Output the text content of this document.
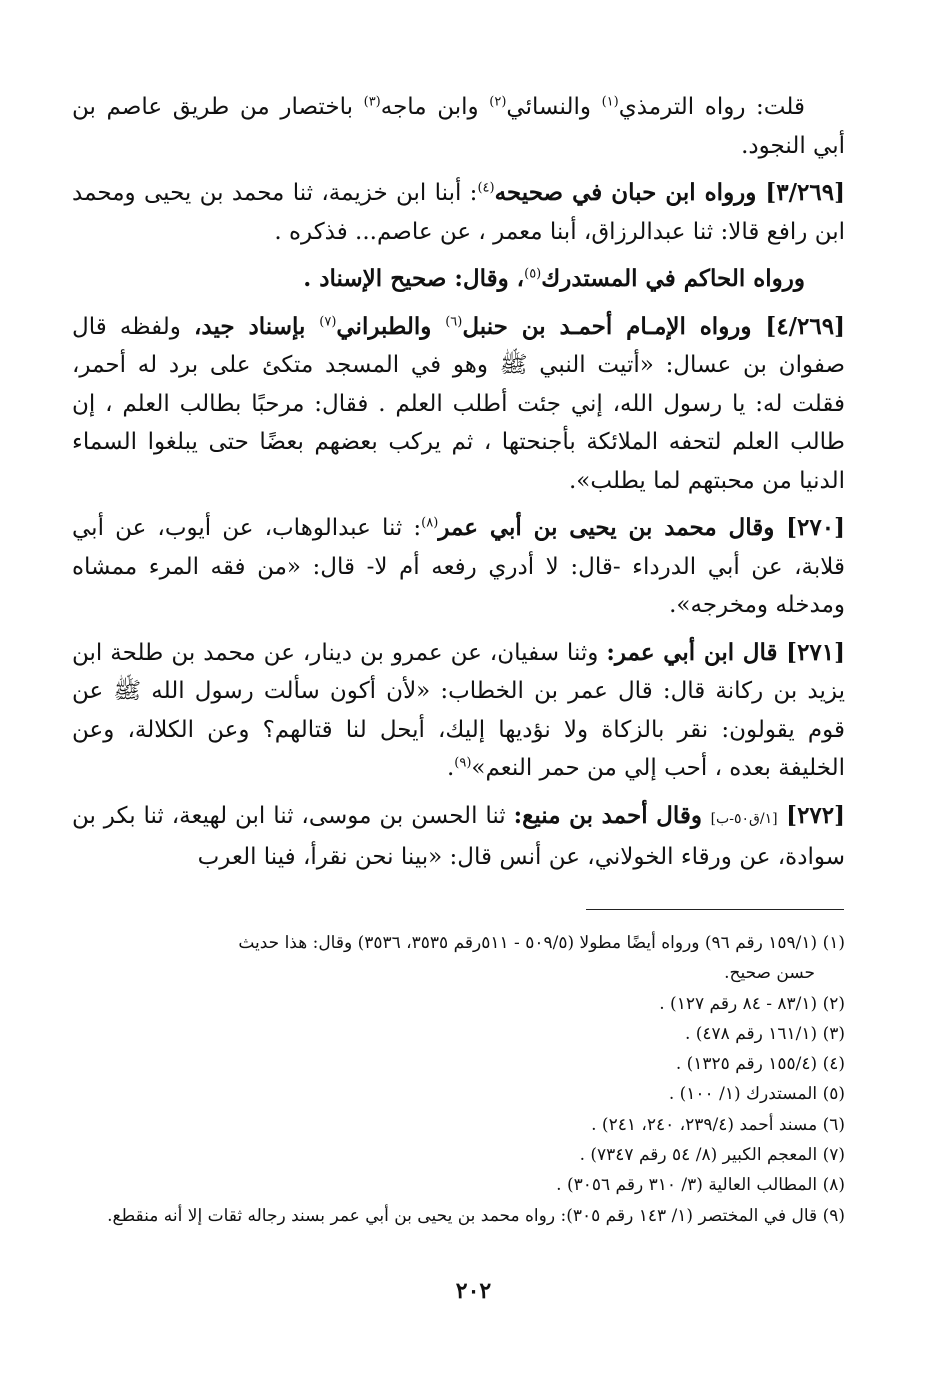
قلت: رواه الترمذي$^{(١)}$ والنسائي$^{(٢)}$ وابن ماجه$^{(٣)}$ باختصار من طريق عاصم بن أبي النجود.

[٣/٢٦٩] وروا‌ه ابن حبان في صحيحه$^{(٤)}$: أبنا ابن خزيمة، ثنا محمد بن يحيى ومحمد ابن رافع قالا: ثنا عبدالرزاق، أبنا معمر ، عن عاصم... فذكره .

وروا‌ه الحاكم في المستدرك$^{(٥)}$، وقال: صحيح الإسناد .

[٤/٢٦٩] وروا‌ه الإمـام أحمـد بن حنبل$^{(٦)}$ والطبراني$^{(٧)}$ بإسناد جيد، ولفظه قال صفوان بن عسال: «أتيت النبي ﷺ وهو في المسجد متكئ على برد له أحمر، فقلت له: يا رسول الله، إني جئت أطلب العلم . فقال: مرحبًا بطالب العلم ، إن طالب العلم لتحفه الملائكة بأجنحتها ، ثم يركب بعضهم بعضًا حتى يبلغوا السماء الدنيا من محبتهم لما يطلب».

[٢٧٠] وقال محمد بن يحيى بن أبي عمر$^{(٨)}$: ثنا عبدالوهاب، عن أيوب، عن أبي قلابة، عن أبي الدرداء -قال: لا أدري رفعه أم لا- قال: «من فقه المرء ممشاه ومدخله ومخرجه».

[٢٧١] قال ابن أبي عمر: وثنا سفيان، عن عمرو بن دينار، عن محمد بن طلحة ابن يزيد بن ركانة قال: قال عمر بن الخطاب: «لأن أكون سألت رسول الله ﷺ عن قوم يقولون: نقر بالزكاة ولا نؤديها إليك، أيحل لنا قتالهم؟ وعن الكلالة، وعن الخليفة بعده ، أحب إلي من حمر النعم»$^{(٩)}$.

[٢٧٢] [١/ق٥٠-ب] وقال أحمد بن منيع: ثنا الحسن بن موسى، ثنا ابن لهيعة، ثنا بكر بن سوادة، عن ورقاء الخولاني، عن أنس قال: «بينا نحن نقرأ، فينا العرب

(١) (١٥٩/١ رقم ٩٦) ورواه أيضًا مطولا (٥٠٩/٥ - ٥١١رقم ٣٥٣٥، ٣٥٣٦) وقال: هذا حديث
حسن صحيح.

(٢) (٨٣/١ - ٨٤ رقم ١٢٧) .

(٣) (١٦١/١ رقم ٤٧٨) .

(٤) (١٥٥/٤ رقم ١٣٢٥) .

(٥) المستدرك (١/ ١٠٠) .

(٦) مسند أحمد (٢٣٩/٤، ٢٤٠، ٢٤١) .

(٧) المعجم الكبير (٨/ ٥٤ رقم ٧٣٤٧) .

(٨) المطالب العالية (٣/ ٣١٠ رقم ٣٠٥٦) .

(٩) قال في المختصر (١/ ١٤٣ رقم ٣٠٥): رواه محمد بن يحيى بن أبي عمر بسند رجاله ثقات إلا أنه منقطع.

٢٠٢
